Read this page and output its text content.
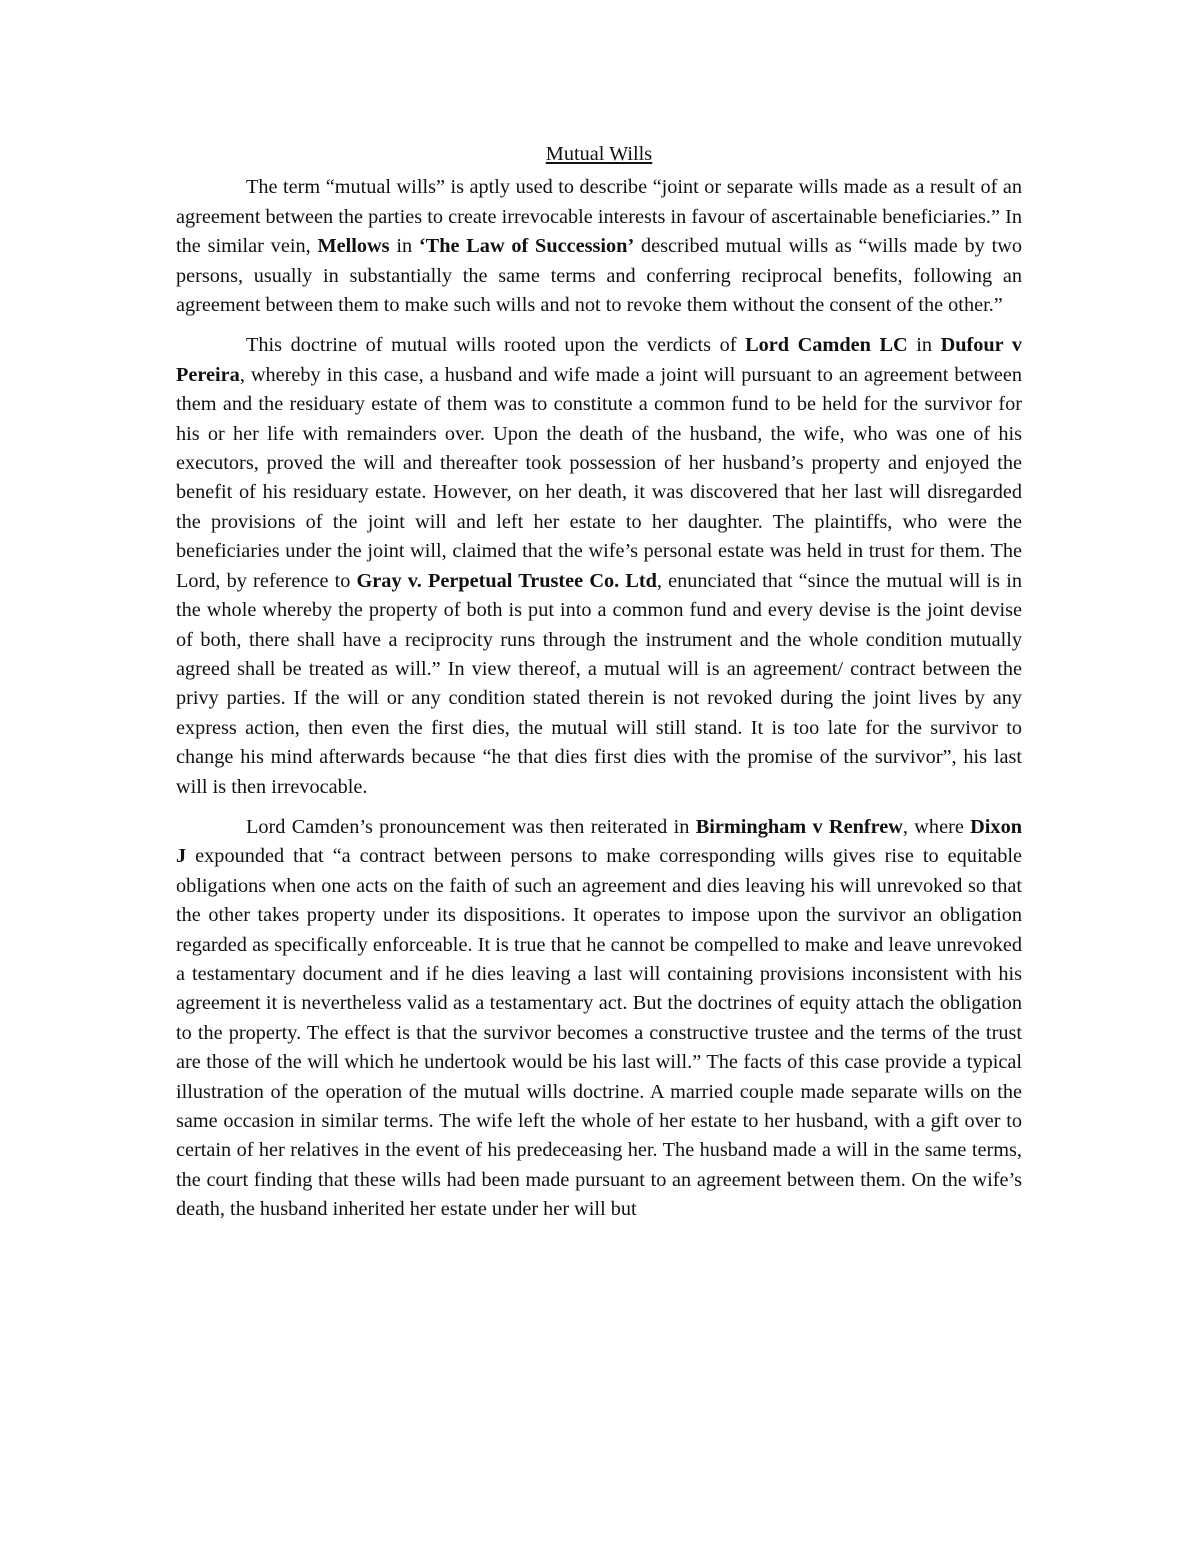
Mutual Wills

The term “mutual wills” is aptly used to describe “joint or separate wills made as a result of an agreement between the parties to create irrevocable interests in favour of ascertainable beneficiaries.” In the similar vein, Mellows in ‘The Law of Succession’ described mutual wills as “wills made by two persons, usually in substantially the same terms and conferring reciprocal benefits, following an agreement between them to make such wills and not to revoke them without the consent of the other.”

This doctrine of mutual wills rooted upon the verdicts of Lord Camden LC in Dufour v Pereira, whereby in this case, a husband and wife made a joint will pursuant to an agreement between them and the residuary estate of them was to constitute a common fund to be held for the survivor for his or her life with remainders over. Upon the death of the husband, the wife, who was one of his executors, proved the will and thereafter took possession of her husband’s property and enjoyed the benefit of his residuary estate. However, on her death, it was discovered that her last will disregarded the provisions of the joint will and left her estate to her daughter. The plaintiffs, who were the beneficiaries under the joint will, claimed that the wife’s personal estate was held in trust for them. The Lord, by reference to Gray v. Perpetual Trustee Co. Ltd, enunciated that “since the mutual will is in the whole whereby the property of both is put into a common fund and every devise is the joint devise of both, there shall have a reciprocity runs through the instrument and the whole condition mutually agreed shall be treated as will.” In view thereof, a mutual will is an agreement/ contract between the privy parties. If the will or any condition stated therein is not revoked during the joint lives by any express action, then even the first dies, the mutual will still stand. It is too late for the survivor to change his mind afterwards because “he that dies first dies with the promise of the survivor”, his last will is then irrevocable.

Lord Camden’s pronouncement was then reiterated in Birmingham v Renfrew, where Dixon J expounded that “a contract between persons to make corresponding wills gives rise to equitable obligations when one acts on the faith of such an agreement and dies leaving his will unrevoked so that the other takes property under its dispositions. It operates to impose upon the survivor an obligation regarded as specifically enforceable. It is true that he cannot be compelled to make and leave unrevoked a testamentary document and if he dies leaving a last will containing provisions inconsistent with his agreement it is nevertheless valid as a testamentary act. But the doctrines of equity attach the obligation to the property. The effect is that the survivor becomes a constructive trustee and the terms of the trust are those of the will which he undertook would be his last will.” The facts of this case provide a typical illustration of the operation of the mutual wills doctrine. A married couple made separate wills on the same occasion in similar terms. The wife left the whole of her estate to her husband, with a gift over to certain of her relatives in the event of his predeceasing her. The husband made a will in the same terms, the court finding that these wills had been made pursuant to an agreement between them. On the wife’s death, the husband inherited her estate under her will but
